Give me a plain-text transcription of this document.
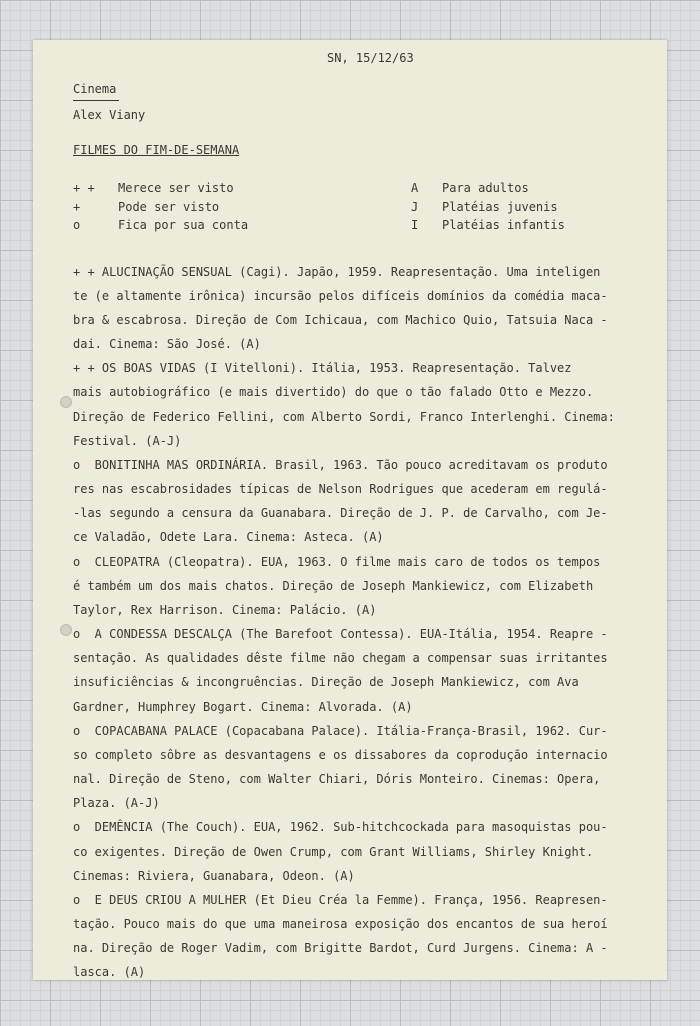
SN, 15/12/63
Cinema
Alex Viany
FILMES DO FIM-DE-SEMANA
+ + Merece ser visto	A Para adultos
+	Pode ser visto	J Platéias juvenis
o	Fica por sua conta	I Platéias infantis
+ + ALUCINAÇÃO SENSUAL (Cagi). Japão, 1959. Reapresentação. Uma inteligen
te (e altamente irônica) incursão pelos difíceis domínios da comédia maca-
bra & escabrosa. Direção de Com Ichicaua, com Machico Quio, Tatsuia Naca -
dai. Cinema: São José. (A)
+ + OS BOAS VIDAS (I Vitelloni). Itália, 1953. Reapresentação. Talvez
mais autobiográfico (e mais divertido) do que o tão falado Otto e Mezzo.
Direção de Federico Fellini, com Alberto Sordi, Franco Interlenghi. Cinema:
Festival. (A-J)
o  BONITINHA MAS ORDINÁRIA. Brasil, 1963. Tão pouco acreditavam os produto
res nas escabrosidades típicas de Nelson Rodrigues que acederam em regulá-
-las segundo a censura da Guanabara. Direção de J. P. de Carvalho, com Je-
ce Valadão, Odete Lara. Cinema: Asteca. (A)
o  CLEOPATRA (Cleopatra). EUA, 1963. O filme mais caro de todos os tempos
é também um dos mais chatos. Direção de Joseph Mankiewicz, com Elizabeth
Taylor, Rex Harrison. Cinema: Palácio. (A)
o  A CONDESSA DESCALÇA (The Barefoot Contessa). EUA-Itália, 1954. Reapre -
sentação. As qualidades dêste filme não chegam a compensar suas irritantes
insuficiências & incongruências. Direção de Joseph Mankiewicz, com Ava
Gardner, Humphrey Bogart. Cinema: Alvorada. (A)
o  COPACABANA PALACE (Copacabana Palace). Itália-França-Brasil, 1962. Cur-
so completo sôbre as desvantagens e os dissabores da coprodução internacio
nal. Direção de Steno, com Walter Chiari, Dóris Monteiro. Cinemas: Opera,
Plaza. (A-J)
o  DEMÊNCIA (The Couch). EUA, 1962. Sub-hitchcockada para masoquistas pou-
co exigentes. Direção de Owen Crump, com Grant Williams, Shirley Knight.
Cinemas: Riviera, Guanabara, Odeon. (A)
o  E DEUS CRIOU A MULHER (Et Dieu Créa la Femme). França, 1956. Reapresen-
tação. Pouco mais do que uma maneirosa exposição dos encantos de sua heroí
na. Direção de Roger Vadim, com Brigitte Bardot, Curd Jurgens. Cinema: A -
lasca. (A)
